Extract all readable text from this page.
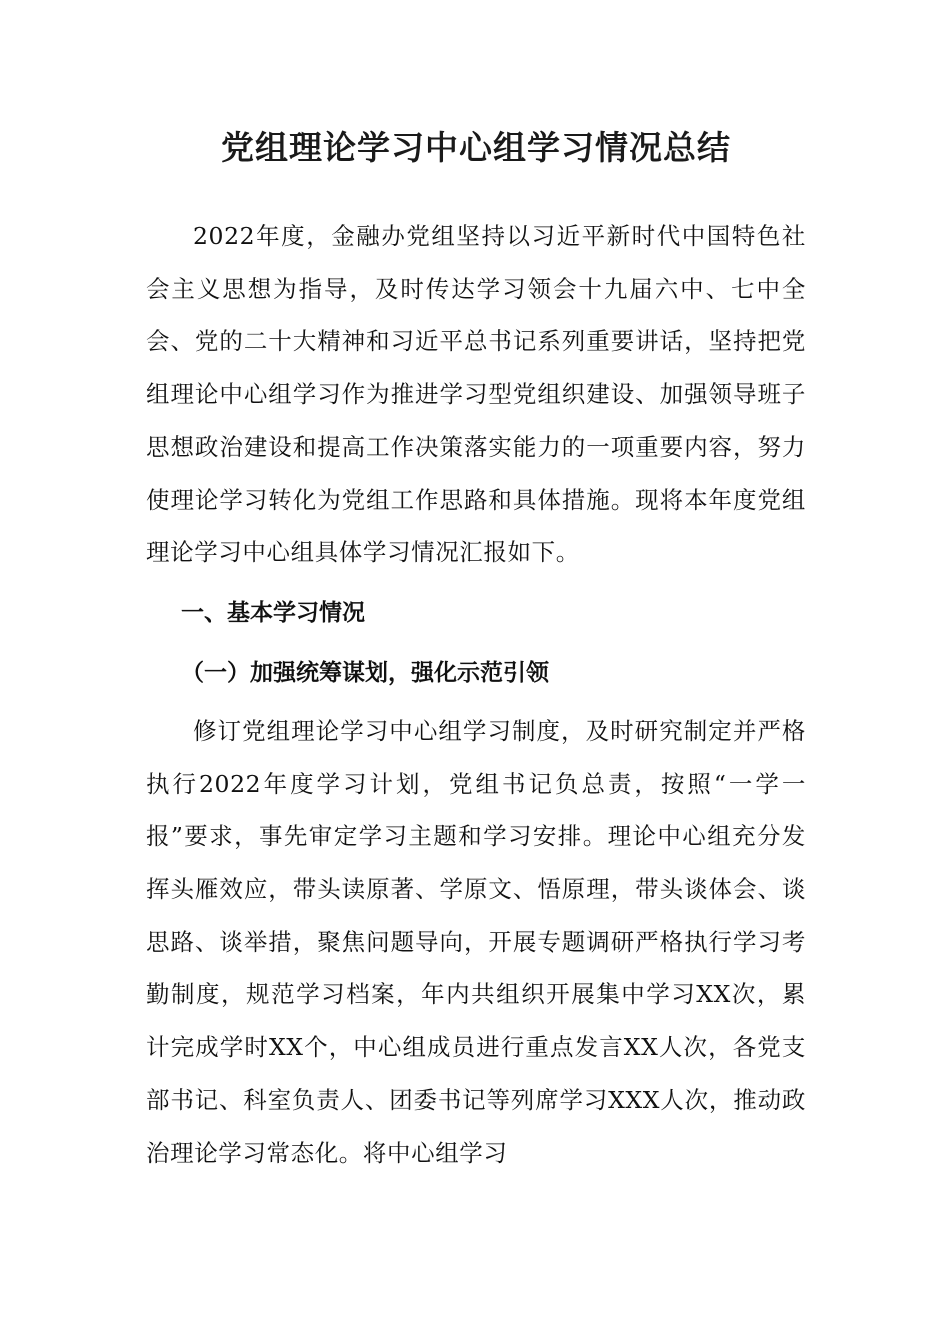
党组理论学习中心组学习情况总结

2022年度，金融办党组坚持以习近平新时代中国特色社会主义思想为指导，及时传达学习领会十九届六中、七中全会、党的二十大精神和习近平总书记系列重要讲话，坚持把党组理论中心组学习作为推进学习型党组织建设、加强领导班子思想政治建设和提高工作决策落实能力的一项重要内容，努力使理论学习转化为党组工作思路和具体措施。现将本年度党组理论学习中心组具体学习情况汇报如下。

一、基本学习情况
（一）加强统筹谋划，强化示范引领

修订党组理论学习中心组学习制度，及时研究制定并严格执行2022年度学习计划，党组书记负总责，按照“一学一报”要求，事先审定学习主题和学习安排。理论中心组充分发挥头雁效应，带头读原著、学原文、悟原理，带头谈体会、谈思路、谈举措，聚焦问题导向，开展专题调研严格执行学习考勤制度，规范学习档案，年内共组织开展集中学习XX次，累计完成学时XX个，中心组成员进行重点发言XX人次，各党支部书记、科室负责人、团委书记等列席学习XXX人次，推动政治理论学习常态化。将中心组学习
